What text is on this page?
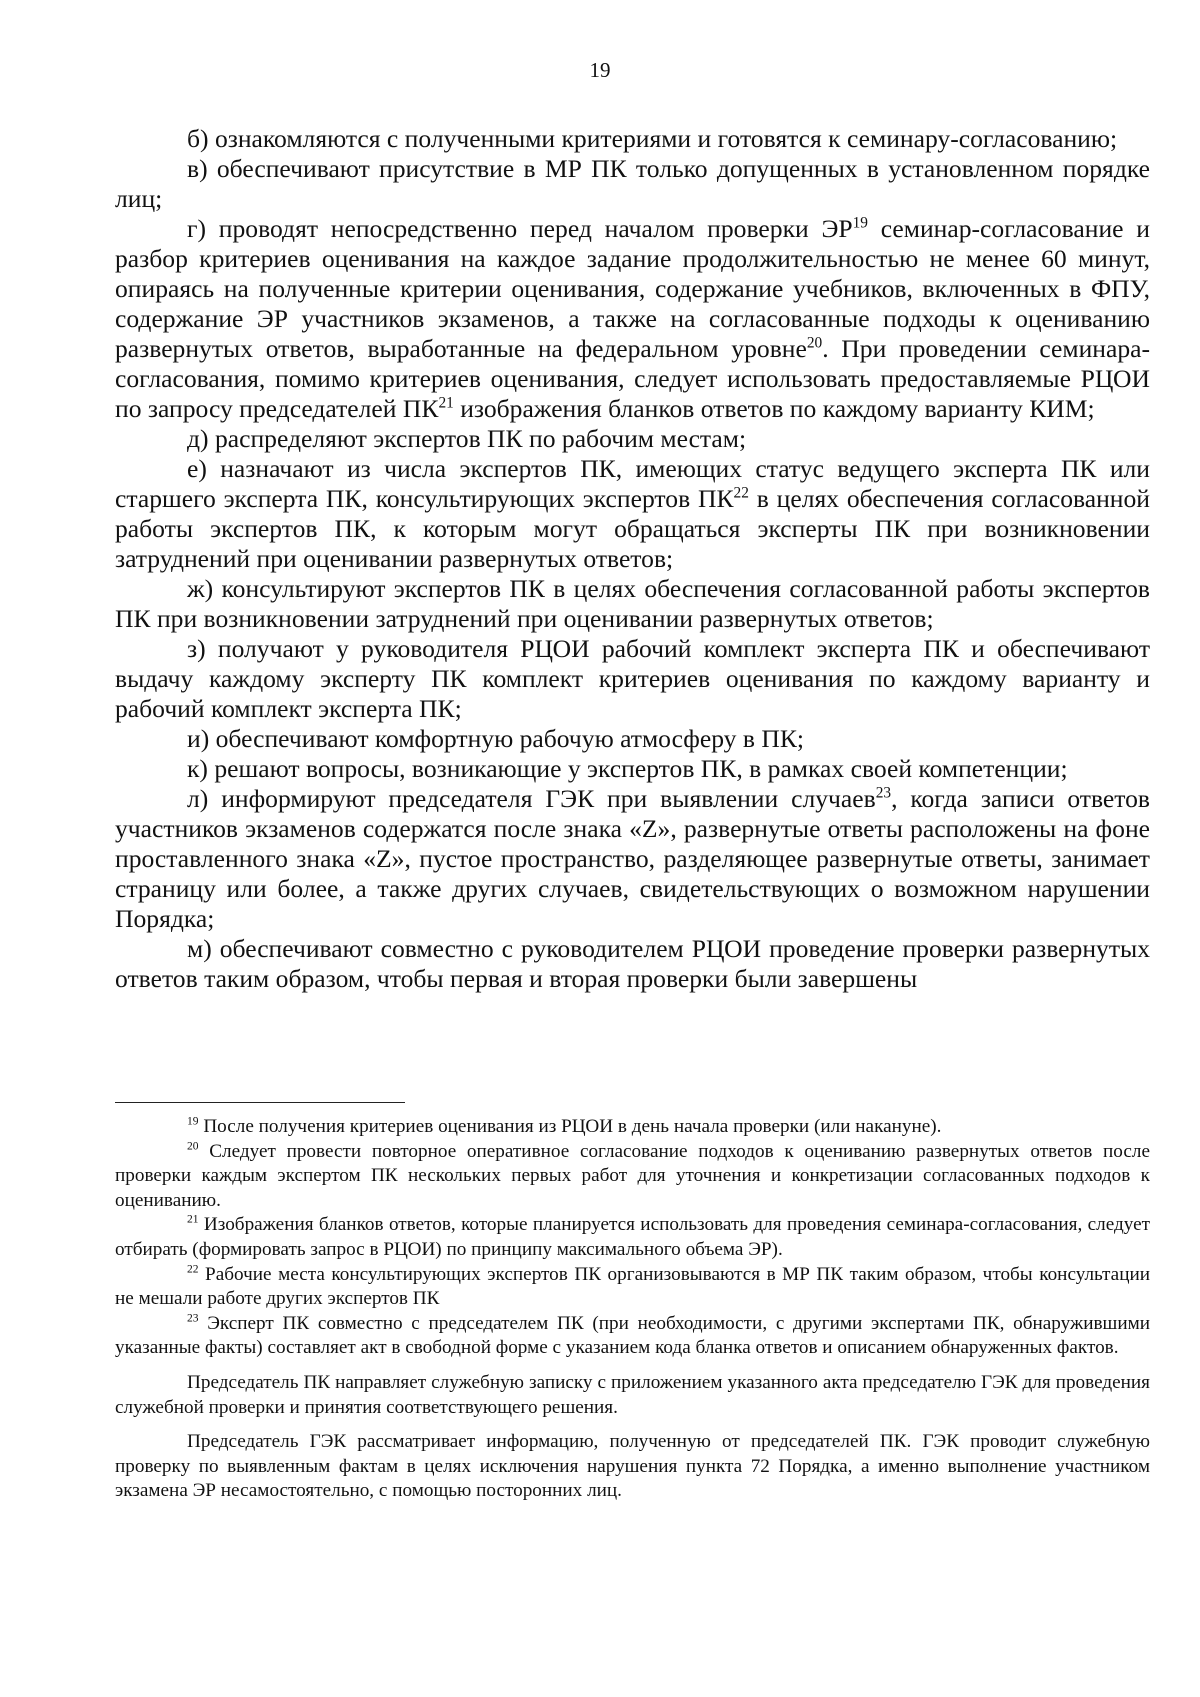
19

б) ознакомляются с полученными критериями и готовятся к семинару-согласованию;

в) обеспечивают присутствие в МР ПК только допущенных в установленном порядке лиц;

г) проводят непосредственно перед началом проверки ЭР$^{19}$ семинар-согласование и разбор критериев оценивания на каждое задание продолжительностью не менее 60 минут, опираясь на полученные критерии оценивания, содержание учебников, включенных в ФПУ, содержание ЭР участников экзаменов, а также на согласованные подходы к оцениванию развернутых ответов, выработанные на федеральном уровне$^{20}$. При проведении семинара-согласования, помимо критериев оценивания, следует использовать предоставляемые РЦОИ по запросу председателей ПК$^{21}$ изображения бланков ответов по каждому варианту КИМ;

д) распределяют экспертов ПК по рабочим местам;

е) назначают из числа экспертов ПК, имеющих статус ведущего эксперта ПК или старшего эксперта ПК, консультирующих экспертов ПК$^{22}$ в целях обеспечения согласованной работы экспертов ПК, к которым могут обращаться эксперты ПК при возникновении затруднений при оценивании развернутых ответов;

ж) консультируют экспертов ПК в целях обеспечения согласованной работы экспертов ПК при возникновении затруднений при оценивании развернутых ответов;

з) получают у руководителя РЦОИ рабочий комплект эксперта ПК и обеспечивают выдачу каждому эксперту ПК комплект критериев оценивания по каждому варианту и рабочий комплект эксперта ПК;

и) обеспечивают комфортную рабочую атмосферу в ПК;

к) решают вопросы, возникающие у экспертов ПК, в рамках своей компетенции;

л) информируют председателя ГЭК при выявлении случаев$^{23}$, когда записи ответов участников экзаменов содержатся после знака «Z», развернутые ответы расположены на фоне проставленного знака «Z», пустое пространство, разделяющее развернутые ответы, занимает страницу или более, а также других случаев, свидетельствующих о возможном нарушении Порядка;

м) обеспечивают совместно с руководителем РЦОИ проведение проверки развернутых ответов таким образом, чтобы первая и вторая проверки были завершены

$^{19}$ После получения критериев оценивания из РЦОИ в день начала проверки (или накануне).

$^{20}$ Следует провести повторное оперативное согласование подходов к оцениванию развернутых ответов после проверки каждым экспертом ПК нескольких первых работ для уточнения и конкретизации согласованных подходов к оцениванию.

$^{21}$ Изображения бланков ответов, которые планируется использовать для проведения семинара-согласования, следует отбирать (формировать запрос в РЦОИ) по принципу максимального объема ЭР).

$^{22}$ Рабочие места консультирующих экспертов ПК организовываются в МР ПК таким образом, чтобы консультации не мешали работе других экспертов ПК

$^{23}$ Эксперт ПК совместно с председателем ПК (при необходимости, с другими экспертами ПК, обнаружившими указанные факты) составляет акт в свободной форме с указанием кода бланка ответов и описанием обнаруженных фактов.

Председатель ПК направляет служебную записку с приложением указанного акта председателю ГЭК для проведения служебной проверки и принятия соответствующего решения.

Председатель ГЭК рассматривает информацию, полученную от председателей ПК. ГЭК проводит служебную проверку по выявленным фактам в целях исключения нарушения пункта 72 Порядка, а именно выполнение участником экзамена ЭР несамостоятельно, с помощью посторонних лиц.
